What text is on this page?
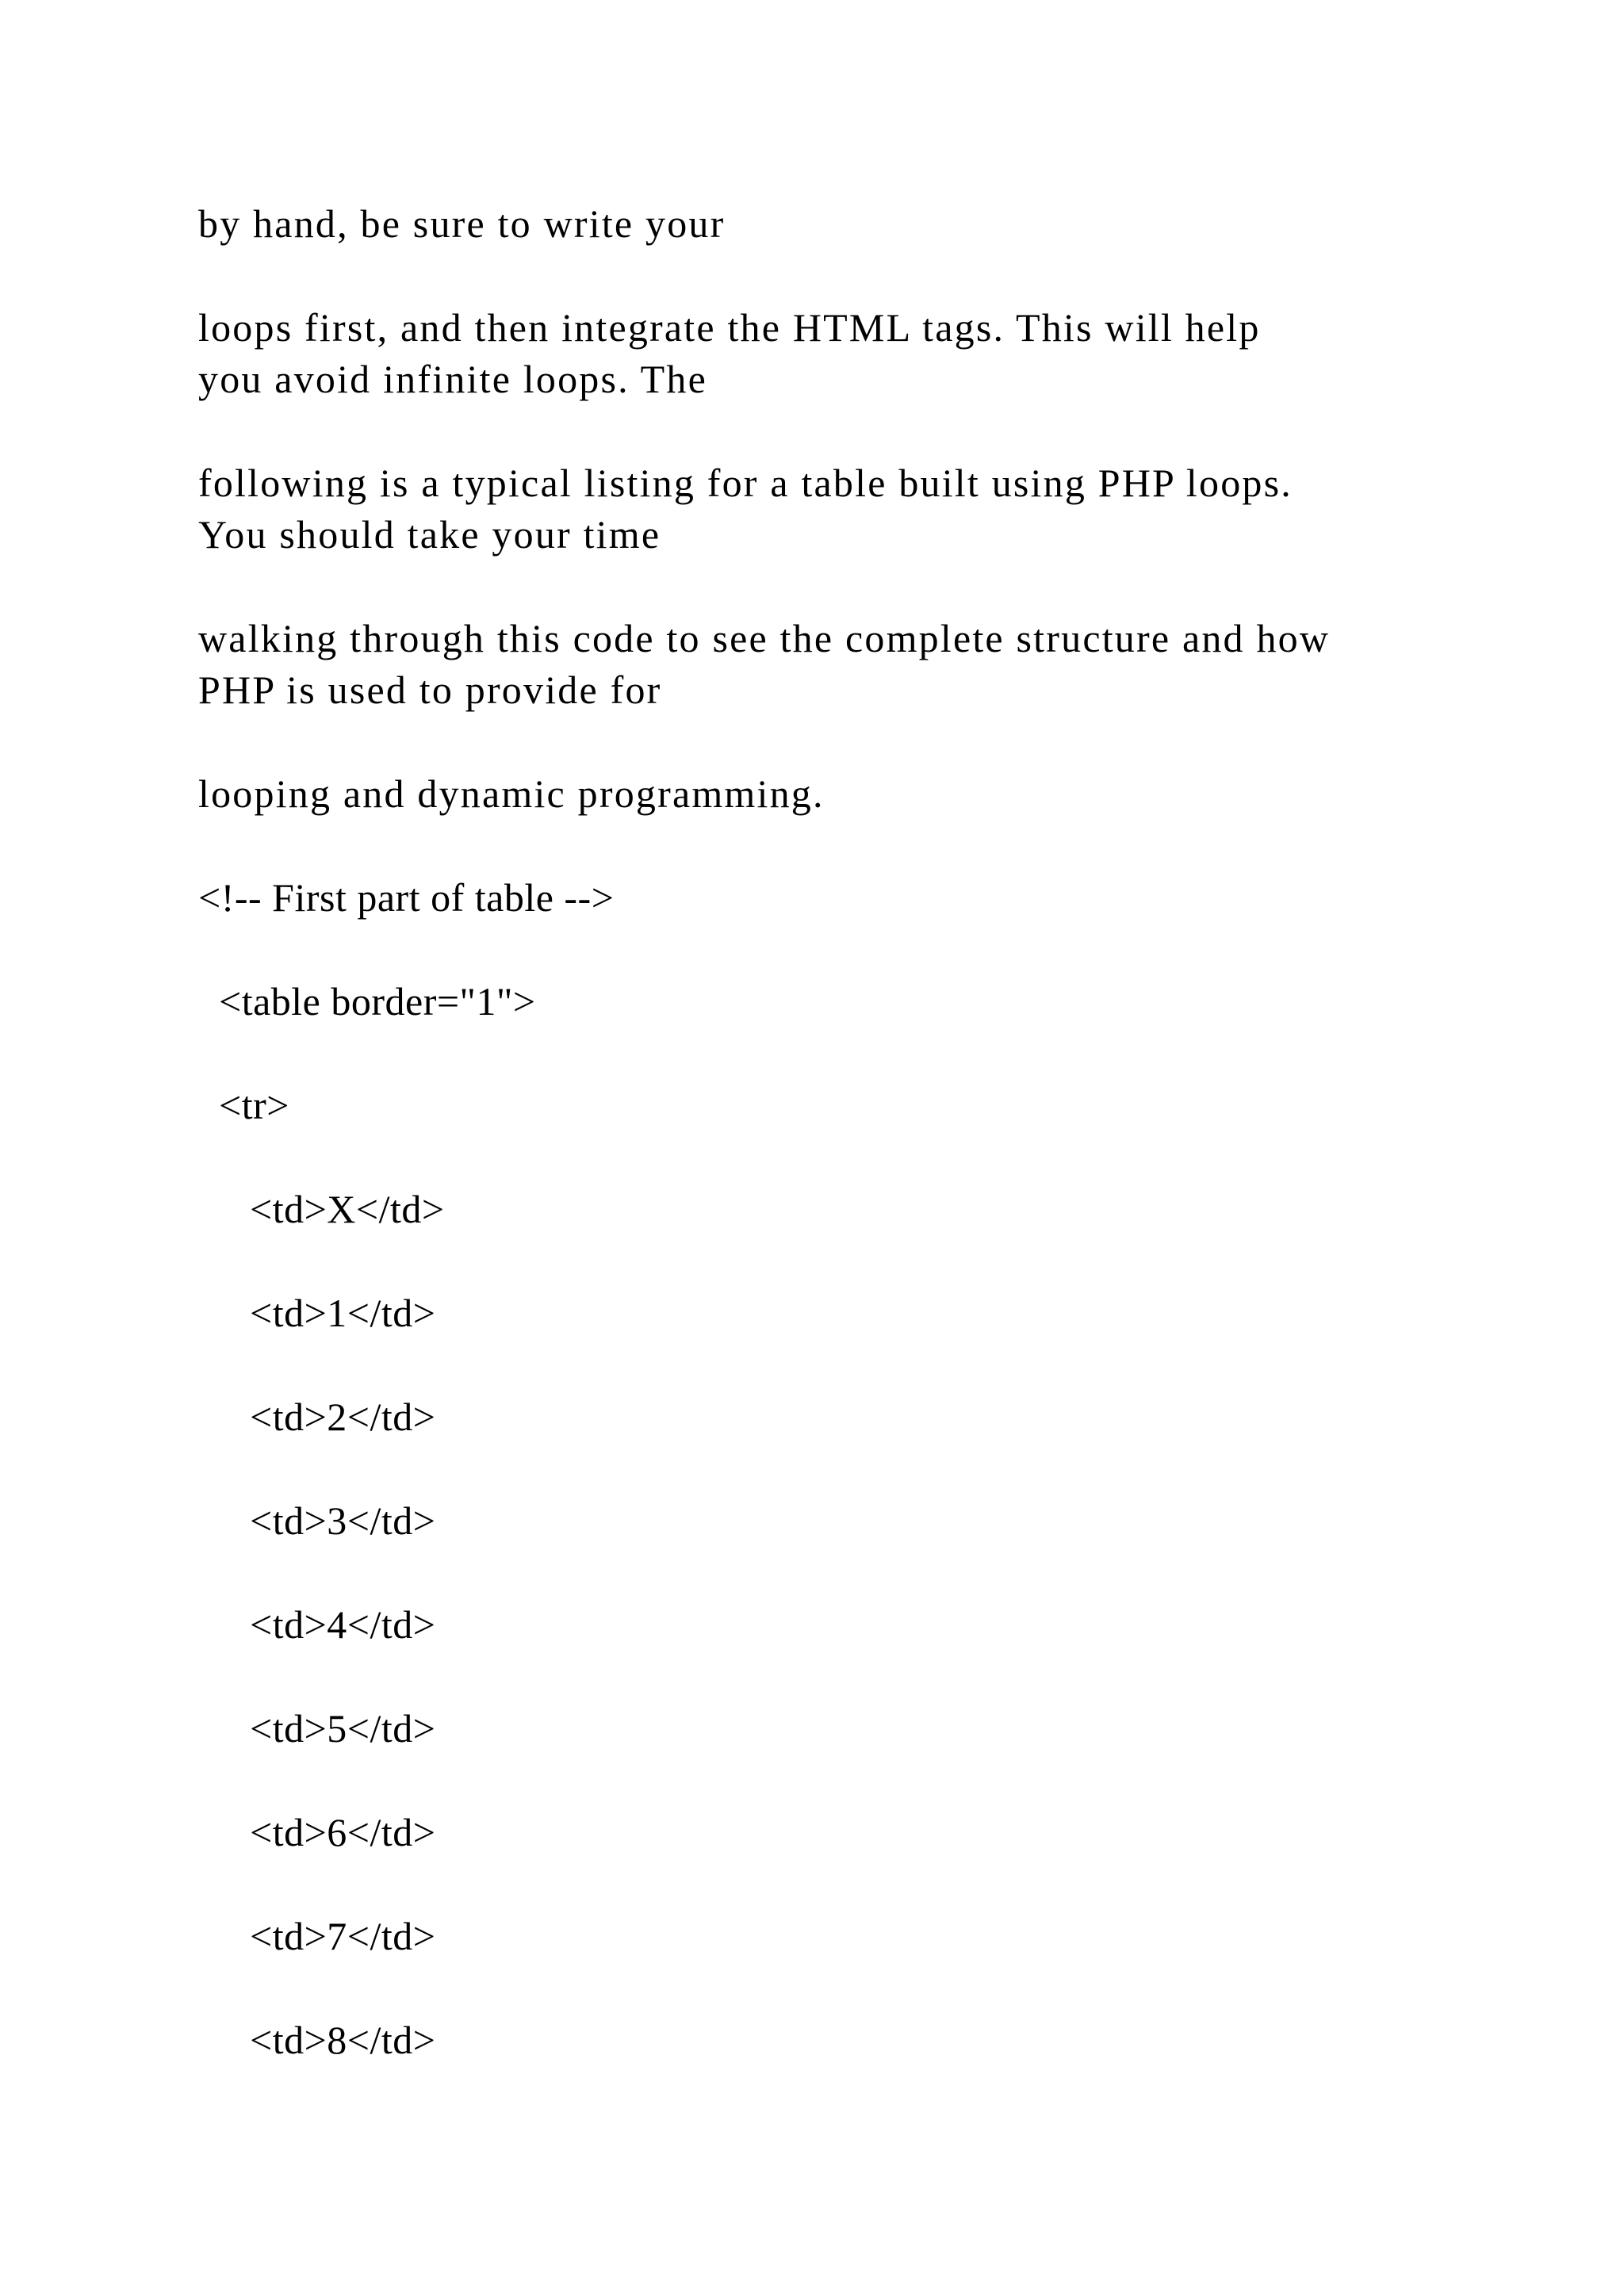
by hand, be sure to write your

loops first, and then integrate the HTML tags. This will help

you avoid infinite loops. The

following is a typical listing for a table built using PHP loops.

You should take your time

walking through this code to see the complete structure and how

PHP is used to provide for

looping and dynamic programming.

<!-- First part of table -->

<table border="1">

<tr>

<td>X</td>

<td>1</td>

<td>2</td>

<td>3</td>

<td>4</td>

<td>5</td>

<td>6</td>

<td>7</td>

<td>8</td>
